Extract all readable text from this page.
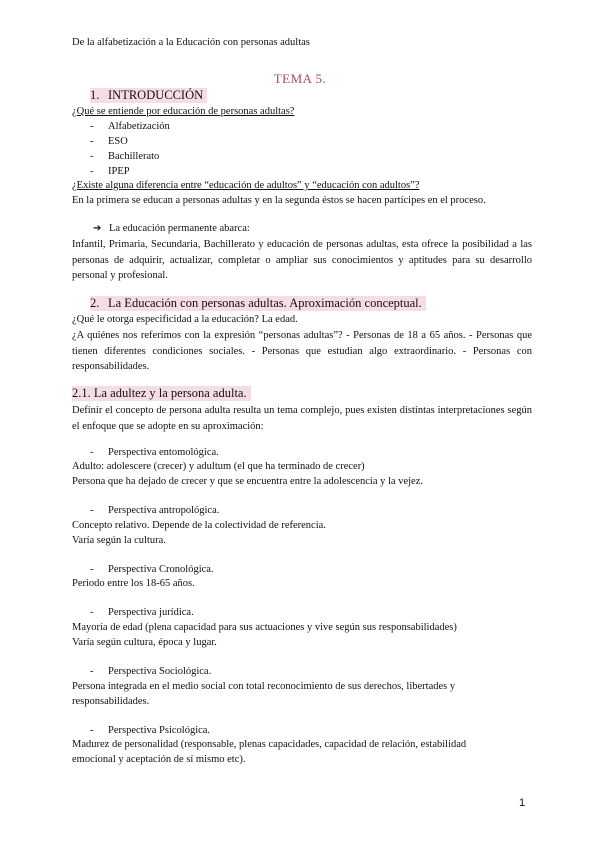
De la alfabetización a la Educación con personas adultas
TEMA 5.
1. INTRODUCCIÓN
¿Qué se entiende por educación de personas adultas?
- Alfabetización
- ESO
- Bachillerato
- IPEP
¿Existe alguna diferencia entre “educación de adultos” y “educación con adultos”?
En la primera se educan a personas adultas y en la segunda éstos se hacen partícipes en el proceso.
➔ La educación permanente abarca:
Infantil, Primaria, Secundaria, Bachillerato y educación de personas adultas, esta ofrece la posibilidad a las personas de adquirir, actualizar, completar o ampliar sus conocimientos y aptitudes para su desarrollo personal y profesional.
2. La Educación con personas adultas. Aproximación conceptual.
¿Qué le otorga especificidad a la educación? La edad.
¿A quiénes nos referimos con la expresión “personas adultas”? - Personas de 18 a 65 años. - Personas que tienen diferentes condiciones sociales. - Personas que estudian algo extraordinario. - Personas con responsabilidades.
2.1. La adultez y la persona adulta.
Definir el concepto de persona adulta resulta un tema complejo, pues existen distintas interpretaciones según el enfoque que se adopte en su aproximación:
- Perspectiva entomológica.
Adulto: adolescere (crecer) y adultum (el que ha terminado de crecer)
Persona que ha dejado de crecer y que se encuentra entre la adolescencia y la vejez.
- Perspectiva antropológica.
Concepto relativo. Depende de la colectividad de referencia.
Varía según la cultura.
- Perspectiva Cronológica.
Periodo entre los 18-65 años.
- Perspectiva jurídica.
Mayoría de edad (plena capacidad para sus actuaciones y vive según sus responsabilidades)
Varía según cultura, época y lugar.
- Perspectiva Sociológica.
Persona integrada en el medio social con total reconocimiento de sus derechos, libertades y
responsabilidades.
- Perspectiva Psicológica.
Madurez de personalidad (responsable, plenas capacidades, capacidad de relación, estabilidad
emocional y aceptación de sí mismo etc).
1
